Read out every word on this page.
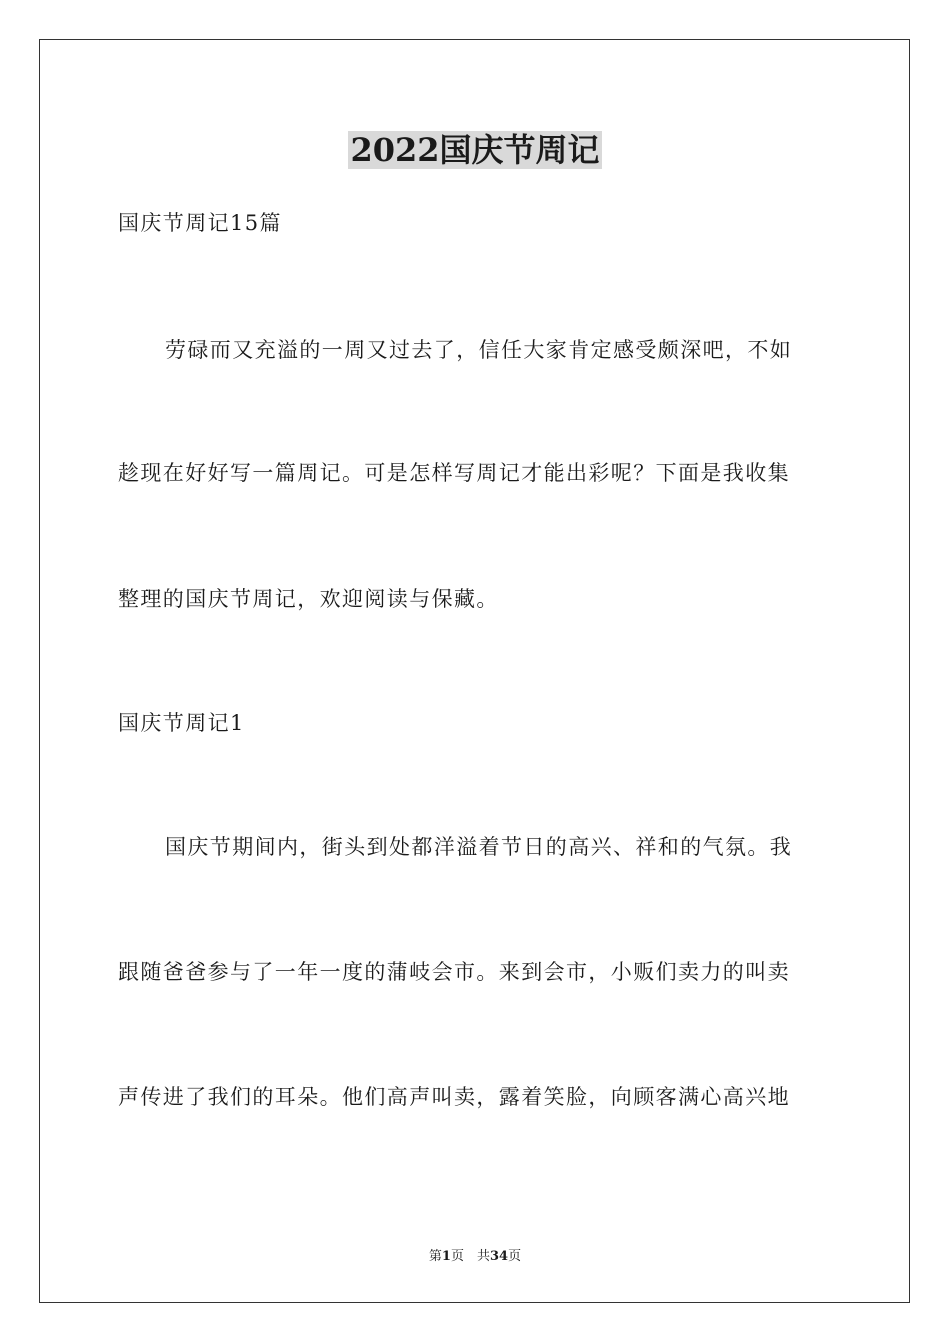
2022国庆节周记
国庆节周记15篇
劳碌而又充溢的一周又过去了，信任大家肯定感受颇深吧，不如
趁现在好好写一篇周记。可是怎样写周记才能出彩呢？下面是我收集
整理的国庆节周记，欢迎阅读与保藏。
国庆节周记1
国庆节期间内，街头到处都洋溢着节日的高兴、祥和的气氛。我
跟随爸爸参与了一年一度的蒲岐会市。来到会市，小贩们卖力的叫卖
声传进了我们的耳朵。他们高声叫卖，露着笑脸，向顾客满心高兴地
第1页　共34页
